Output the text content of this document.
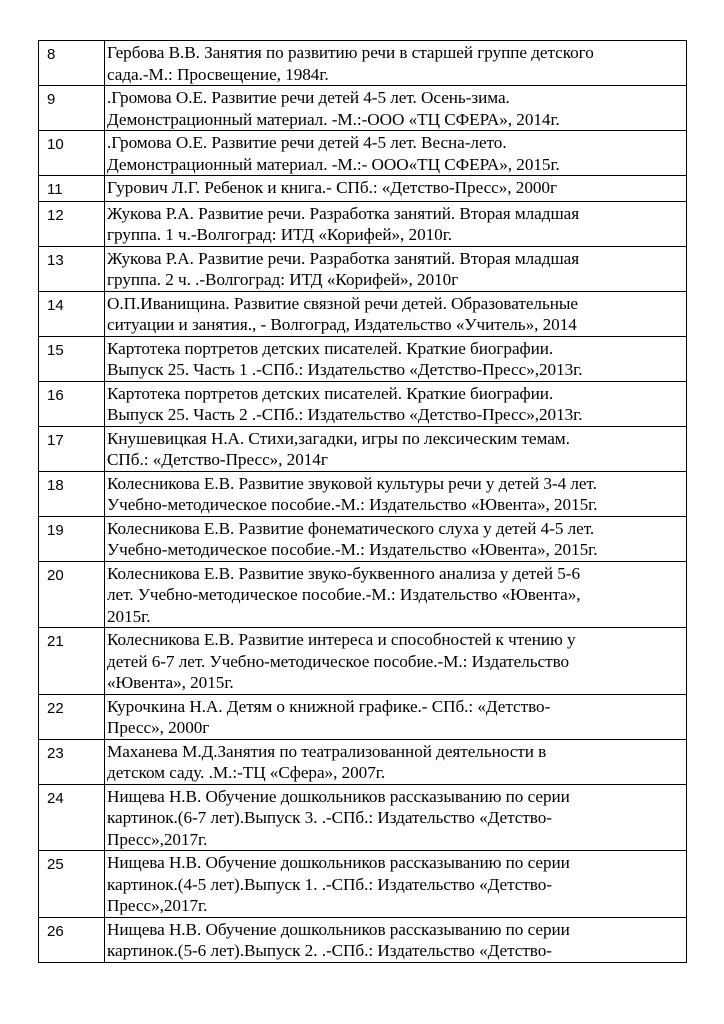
8	Гербова В.В. Занятия по развитию речи в старшей группе детского
сада.-М.: Просвещение, 1984г.

9	.Громова О.Е. Развитие речи детей 4-5 лет. Осень-зима.
Демонстрационный материал. -М.:-ООО «ТЦ СФЕРА», 2014г.

10	.Громова О.Е. Развитие речи детей 4-5 лет. Весна-лето.
Демонстрационный материал. -М.:- ООО«ТЦ СФЕРА», 2015г.

11	Гурович Л.Г. Ребенок и книга.- СПб.: «Детство-Пресс», 2000г

12	Жукова Р.А. Развитие речи. Разработка занятий. Вторая младшая
группа. 1 ч.-Волгоград: ИТД «Корифей», 2010г.

13	Жукова Р.А. Развитие речи. Разработка занятий. Вторая младшая
группа. 2 ч. .-Волгоград: ИТД «Корифей», 2010г

14	О.П.Иванищина. Развитие связной речи детей. Образовательные
ситуации и занятия., - Волгоград, Издательство «Учитель», 2014

15	Картотека портретов детских писателей. Краткие биографии.
Выпуск 25. Часть 1 .-СПб.: Издательство «Детство-Пресс»,2013г.

16	Картотека портретов детских писателей. Краткие биографии.
Выпуск 25. Часть 2 .-СПб.: Издательство «Детство-Пресс»,2013г.

17	Кнушевицкая Н.А. Стихи,загадки, игры по лексическим темам.
СПб.: «Детство-Пресс», 2014г

18	Колесникова Е.В. Развитие звуковой культуры речи у детей 3-4 лет.
Учебно-методическое пособие.-М.: Издательство «Ювента», 2015г.

19	Колесникова Е.В. Развитие фонематического слуха у детей 4-5 лет.
Учебно-методическое пособие.-М.: Издательство «Ювента», 2015г.

20	Колесникова Е.В. Развитие звуко-буквенного анализа у детей 5-6
лет. Учебно-методическое пособие.-М.: Издательство «Ювента»,
2015г.

21	Колесникова Е.В. Развитие интереса и способностей к чтению у
детей 6-7 лет. Учебно-методическое пособие.-М.: Издательство
«Ювента», 2015г.

22	Курочкина Н.А. Детям о книжной графике.- СПб.: «Детство-
Пресс», 2000г

23	Маханева М.Д.Занятия по театрализованной деятельности в
детском саду. .М.:-ТЦ «Сфера», 2007г.

24	Нищева Н.В. Обучение дошкольников рассказыванию по серии
картинок.(6-7 лет).Выпуск 3. .-СПб.: Издательство «Детство-
Пресс»,2017г.

25	Нищева Н.В. Обучение дошкольников рассказыванию по серии
картинок.(4-5 лет).Выпуск 1. .-СПб.: Издательство «Детство-
Пресс»,2017г.

26	Нищева Н.В. Обучение дошкольников рассказыванию по серии
картинок.(5-6 лет).Выпуск 2. .-СПб.: Издательство «Детство-
